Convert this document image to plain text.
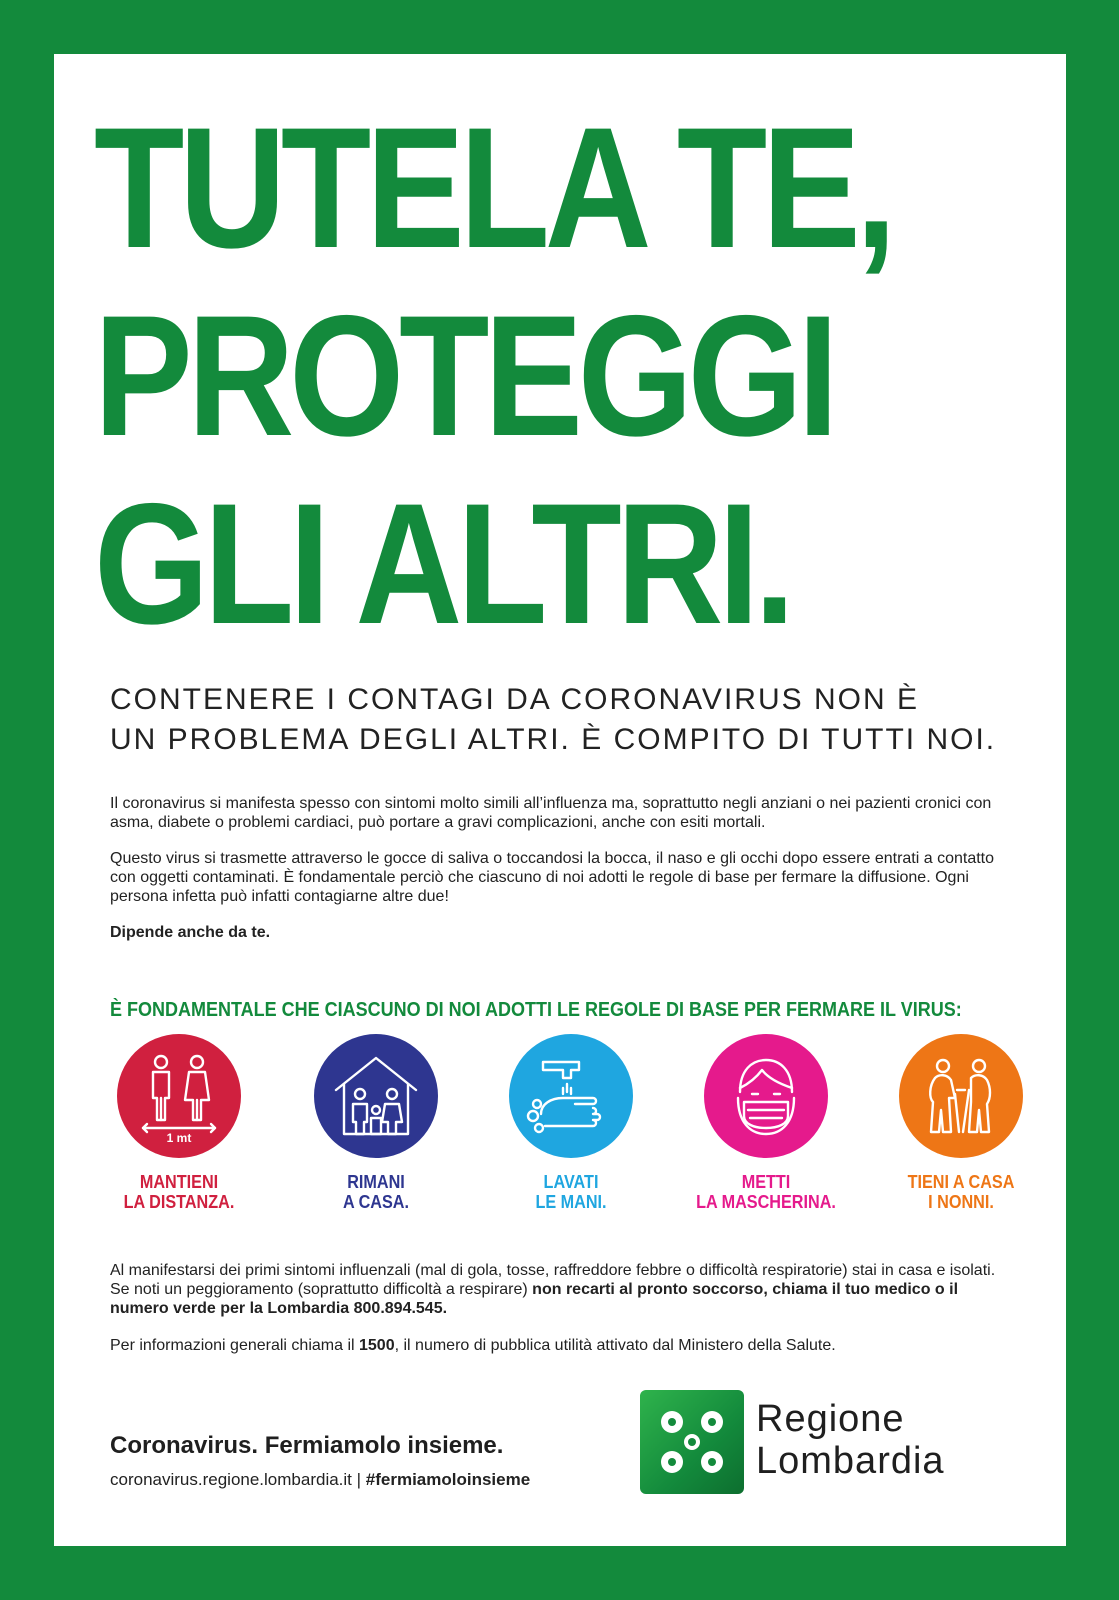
TUTELA TE,
PROTEGGI
GLI ALTRI.
CONTENERE I CONTAGI DA CORONAVIRUS NON È
UN PROBLEMA DEGLI ALTRI. È COMPITO DI TUTTI NOI.

Il coronavirus si manifesta spesso con sintomi molto simili all’influenza ma, soprattutto negli anziani o nei pazienti cronici con asma, diabete o problemi cardiaci, può portare a gravi complicazioni, anche con esiti mortali.

Questo virus si trasmette attraverso le gocce di saliva o toccandosi la bocca, il naso e gli occhi dopo essere entrati a contatto con oggetti contaminati. È fondamentale perciò che ciascuno di noi adotti le regole di base per fermare la diffusione. Ogni persona infetta può infatti contagiarne altre due!

Dipende anche da te.

È FONDAMENTALE CHE CIASCUNO DI NOI ADOTTI LE REGOLE DI BASE PER FERMARE IL VIRUS:
1 mt
MANTIENI
LA DISTANZA.
RIMANI
A CASA.
LAVATI
LE MANI.
METTI
LA MASCHERINA.
TIENI A CASA
I NONNI.

Al manifestarsi dei primi sintomi influenzali (mal di gola, tosse, raffreddore febbre o difficoltà respiratorie) stai in casa e isolati. Se noti un peggioramento (soprattutto difficoltà a respirare) non recarti al pronto soccorso, chiama il tuo medico o il numero verde per la Lombardia 800.894.545.

Per informazioni generali chiama il 1500, il numero di pubblica utilità attivato dal Ministero della Salute.

Coronavirus. Fermiamolo insieme.
coronavirus.regione.lombardia.it | #fermiamoloinsieme
Regione
Lombardia
